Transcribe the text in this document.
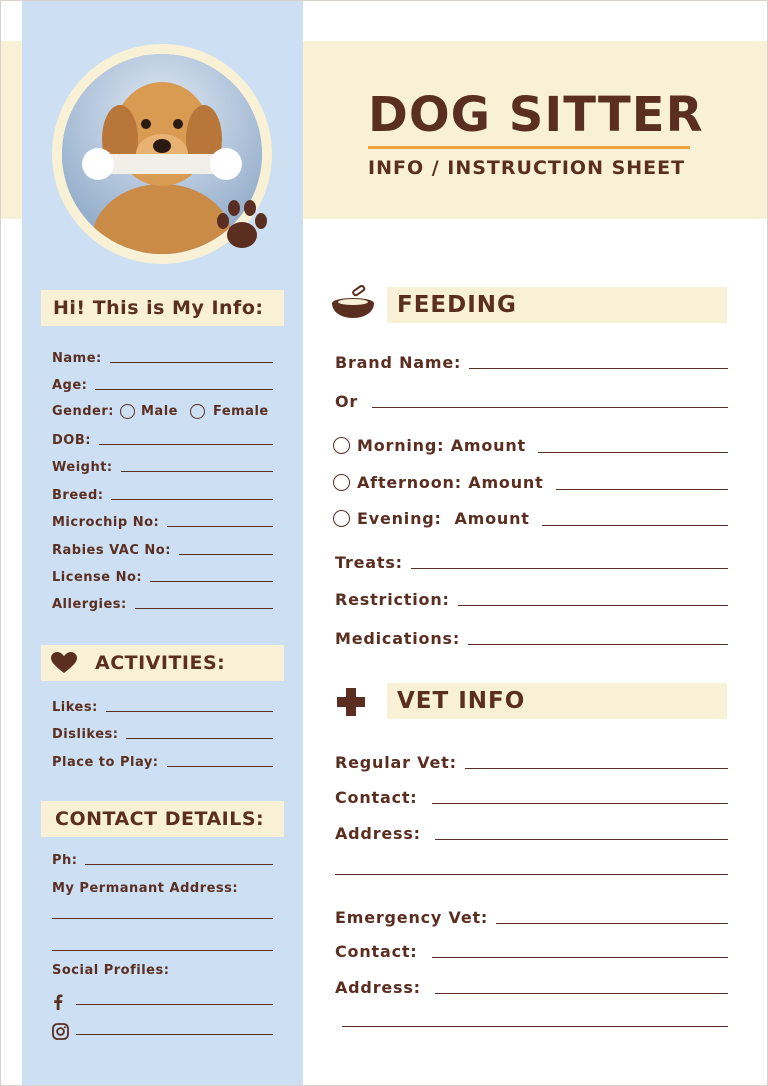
DOG SITTER
INFO / INSTRUCTION SHEET
Hi! This is My Info:
Name:
Age:
Gender: Male	Female
DOB:
Weight:
Breed:
Microchip No:
Rabies VAC No:
License No:
Allergies:
ACTIVITIES:
Likes:
Dislikes:
Place to Play:
CONTACT DETAILS:
Ph:
My Permanant Address:
Social Profiles:
FEEDING
Brand Name:
Or
Morning: Amount
Afternoon: Amount
Evening:  Amount
Treats:
Restriction:
Medications:
VET INFO
Regular Vet:
Contact:
Address:
Emergency Vet:
Contact:
Address:
